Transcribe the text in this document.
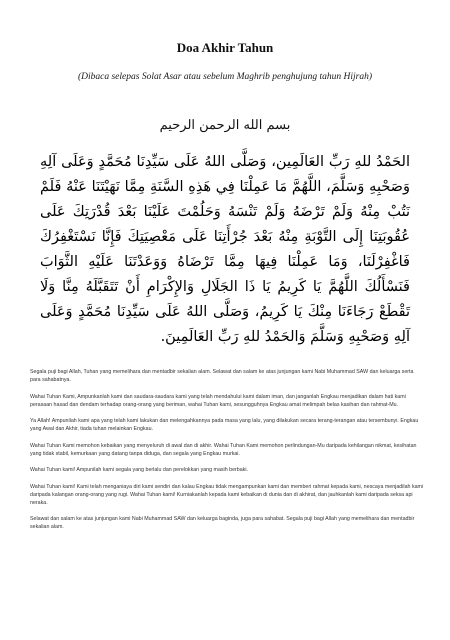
Doa Akhir Tahun
(Dibaca selepas Solat Asar atau sebelum Maghrib penghujung tahun Hijrah)
بسم الله الرحمن الرحيم
الحَمْدُ للهِ رَبِّ العَالَمِين، وَصَلَّى اللهُ عَلَى سَيِّدِنَا مُحَمَّدٍ وَعَلَى آلِهِ وَصَحْبِهِ وَسَلَّمَ، اللَّهُمَّ مَا عَمِلْنَا فِي هَذِهِ السَّنَةِ مِمَّا نَهَيْتَنَا عَنْهُ فَلَمْ نَتُبْ مِنْهُ وَلَمْ تَرْضَهُ وَلَمْ تَنْسَهُ وَحَلُمْتَ عَلَيْنَا بَعْدَ قُدْرَتِكَ عَلَى عُقُوبَتِنَا إِلَى التَّوْبَةِ مِنْهُ بَعْدَ جُرْأَتِنَا عَلَى مَعْصِيَتِكَ فَإِنَّا نَسْتَغْفِرُكَ فَاغْفِرْلَنَا، وَمَا عَمِلْنَا فِيهَا مِمَّا تَرْضَاهُ وَوَعَدْتَنَا عَلَيْهِ الثَّوَابَ فَنَسْأَلُكَ اللَّهُمَّ يَا كَرِيمُ يَا ذَا الجَلَالِ وَالإِكْرَامِ أَنْ تَتَقَبَّلَهُ مِنَّا وَلَا تَقْطَعْ رَجَاءَنَا مِنْكَ يَا كَرِيمُ، وَصَلَّى اللهُ عَلَى سَيِّدِنَا مُحَمَّدٍ وَعَلَى آلِهِ وَصَحْبِهِ وَسَلَّمَ وَالحَمْدُ للهِ رَبِّ العَالَمِينَ.

Segala puji bagi Allah, Tuhan yang memelihara dan mentadbir sekalian alam. Selawat dan salam ke atas junjungan kami Nabi Muhammad SAW dan keluarga serta para sahabatnya.

Wahai Tuhan Kami, Ampunkanlah kami dan saudara-saudara kami yang telah mendahului kami dalam iman, dan janganlah Engkau menjadikan dalam hati kami perasaan hasad dan dendam terhadap orang-orang yang beriman, wahai Tuhan kami, sesungguhnya Engkau amat melimpah belas kasihan dan rahmat-Mu.

Ya Allah! Ampunilah kami apa yang telah kami lakukan dan melengahkannya pada masa yang lalu, yang dilakukan secara terang-terangan atau tersembunyi. Engkau yang Awal dan Akhir, tiada tuhan melainkan Engkau.

Wahai Tuhan Kami memohon kebaikan yang menyeluruh di awal dan di akhir. Wahai Tuhan Kami memohon perlindungan-Mu daripada kehilangan nikmat, kesihatan yang tidak stabil, kemurkaan yang datang tanpa diduga, dan segala yang Engkau murkai.

Wahai Tuhan kami! Ampunilah kami segala yang berlalu dan perelokkan yang masih berbaki.

Wahai Tuhan kami! Kami telah menganiaya diri kami sendiri dan kalau Engkau tidak mengampunkan kami dan memberi rahmat kepada kami, nescaya menjadilah kami daripada kalangan orang-orang yang rugi. Wahai Tuhan kami! Kurniakanlah kepada kami kebaikan di dunia dan di akhirat, dan jauhkanlah kami daripada seksa api neraka.

Selawat dan salam ke atas junjungan kami Nabi Muhammad SAW dan keluarga baginda, juga para sahabat. Segala puji bagi Allah yang memelihara dan mentadbir sekalian alam.
